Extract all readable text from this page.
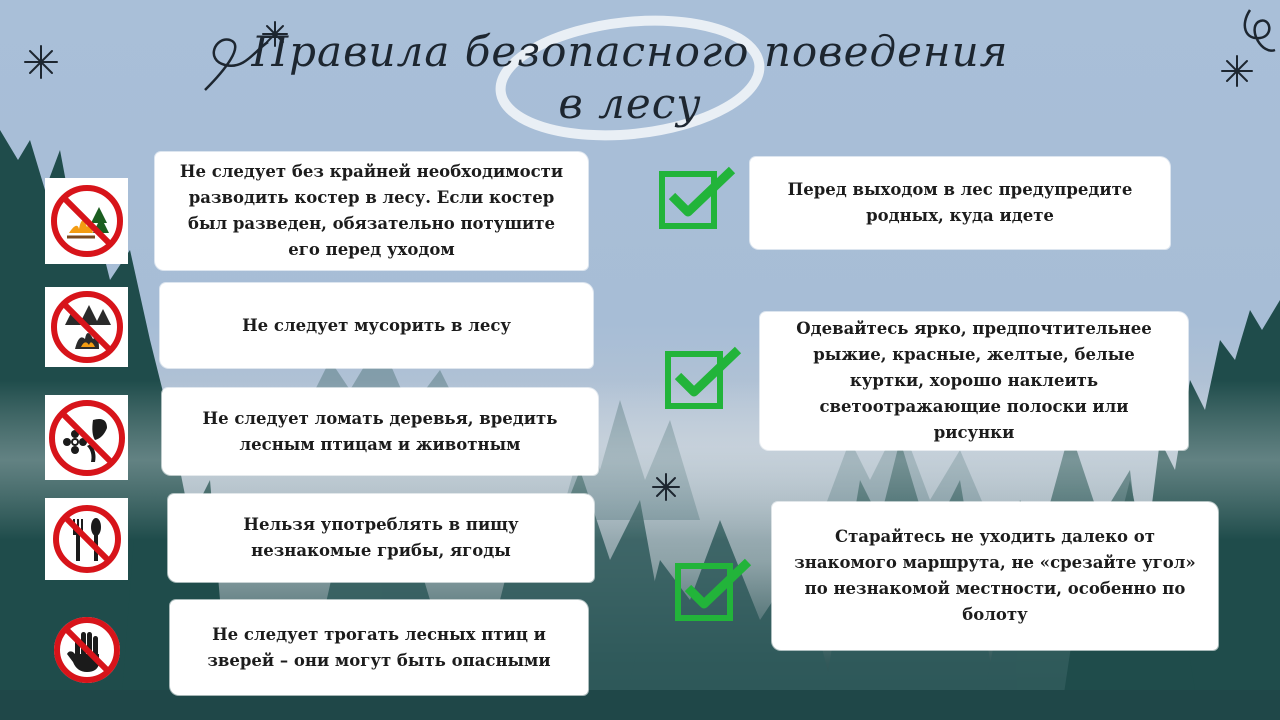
Правила безопасного поведения в лесу
Не следует без крайней необходимости разводить костер в лесу. Если костер был разведен, обязательно потушите его перед уходом
Не следует мусорить в лесу
Не следует ломать деревья, вредить лесным птицам и животным
Нельзя употреблять в пищу незнакомые грибы, ягоды
Не следует трогать лесных птиц и зверей – они могут быть опасными
Перед выходом в лес предупредите родных, куда идете
Одевайтесь ярко, предпочтительнее рыжие, красные, желтые, белые куртки, хорошо наклеить светоотражающие полоски или рисунки
Старайтесь не уходить далеко от знакомого маршрута, не «срезайте угол» по незнакомой местности, особенно по болоту
